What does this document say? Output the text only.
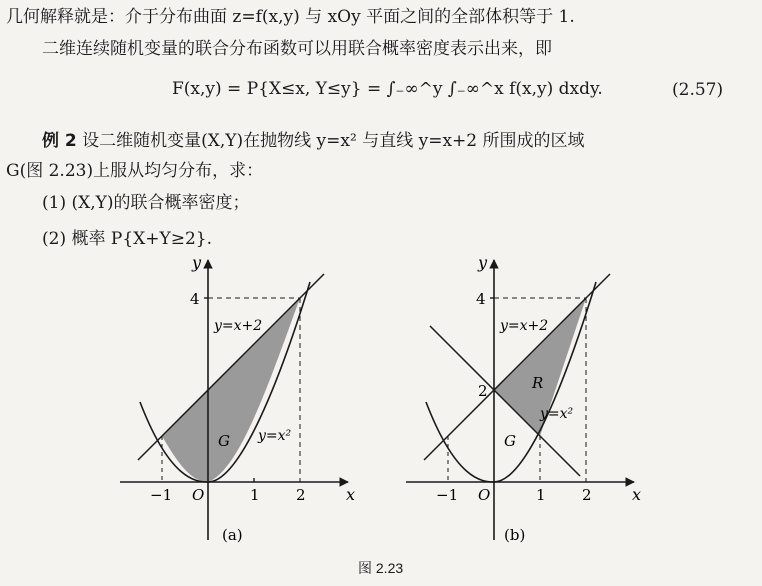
几何解释就是：介于分布曲面 z=f(x,y) 与 xOy 平面之间的全部体积等于 1.
二维连续随机变量的联合分布函数可以用联合概率密度表示出来，即
F(x,y) = P{X≤x, Y≤y} = ∫₋∞^y ∫₋∞^x f(x,y) dxdy.	(2.57)
例 2 设二维随机变量(X,Y)在抛物线 y=x² 与直线 y=x+2 所围成的区域
G(图 2.23)上服从均匀分布，求：
(1) (X,Y)的联合概率密度；
(2) 概率 P{X+Y≥2}.
y
x
O
4
−1	1 2
y=x+2
y=x²
G
(a)
y
x
O
4
2
−1	1 2
y=x+2
y=x²
R
G
(b)
图 2.23
